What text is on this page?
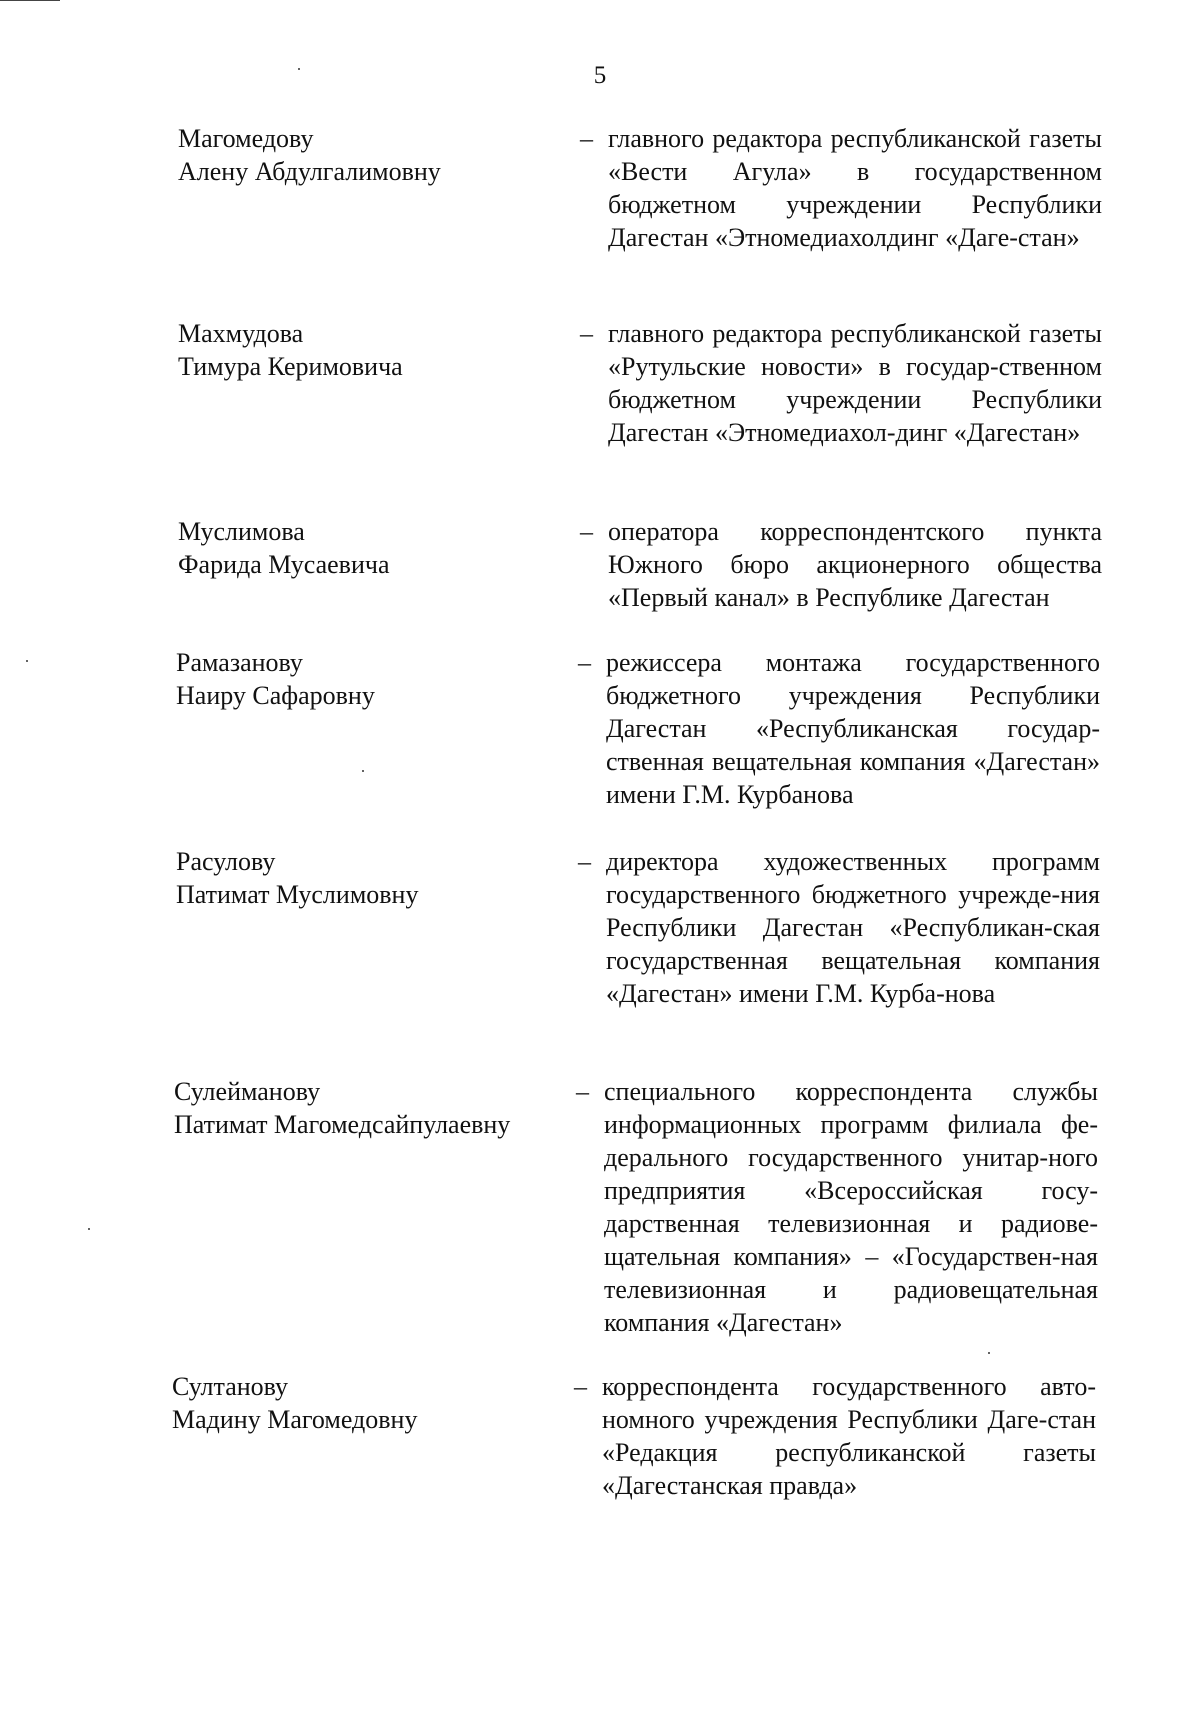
5
Магомедову
Алену Абдулгалимовну
– главного редактора республиканской газеты «Вести Агула» в государственном бюджетном учреждении Республики Дагестан «Этномедиахолдинг «Даге-стан»
Махмудова
Тимура Керимовича
– главного редактора республиканской газеты «Рутульские новости» в государ-ственном бюджетном учреждении Республики Дагестан «Этномедиахол-динг «Дагестан»
Муслимова
Фарида Мусаевича
– оператора корреспондентского пункта Южного бюро акционерного общества «Первый канал» в Республике Дагестан
Рамазанову
Наиру Сафаровну
– режиссера монтажа государственного бюджетного учреждения Республики Дагестан «Республиканская государ-ственная вещательная компания «Дагестан» имени Г.М. Курбанова
Расулову
Патимат Муслимовну
– директора художественных программ государственного бюджетного учрежде-ния Республики Дагестан «Республикан-ская государственная вещательная компания «Дагестан» имени Г.М. Курба-нова
Сулейманову
Патимат Магомедсайпулаевну
– специального корреспондента службы информационных программ филиала фе-дерального государственного унитар-ного предприятия «Всероссийская госу-дарственная телевизионная и радиове-щательная компания» – «Государствен-ная телевизионная и радиовещательная компания «Дагестан»
Султанову
Мадину Магомедовну
– корреспондента государственного авто-номного учреждения Республики Даге-стан «Редакция республиканской газеты «Дагестанская правда»
